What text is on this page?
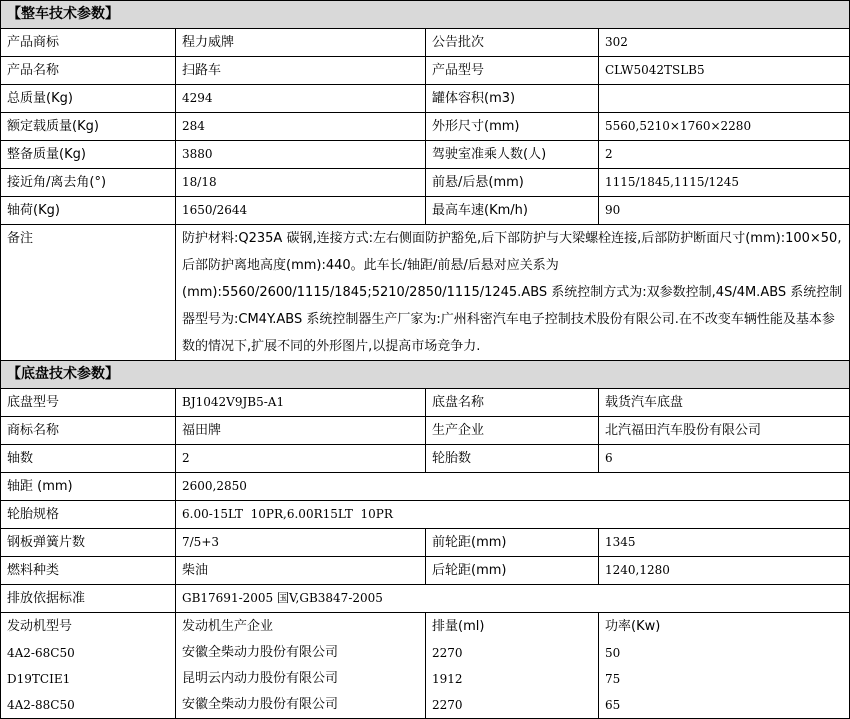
【整车技术参数】			
产品商标	程力威牌	公告批次	302
产品名称	扫路车	产品型号	CLW5042TSLB5
总质量(Kg)	4294	罐体容积(m3)	
额定载质量(Kg)	284	外形尺寸(mm)	5560,5210×1760×2280
整备质量(Kg)	3880	驾驶室准乘人数(人)	2
接近角/离去角(°)	18/18	前悬/后悬(mm)	1115/1845,1115/1245
轴荷(Kg)	1650/2644	最高车速(Km/h)	90
备注	防护材料:Q235A 碳钢,连接方式:左右侧面防护豁免,后下部防护与大梁螺栓连接,后部防护断面尺寸(mm):100×50,后部防护离地高度(mm):440。此车长/轴距/前悬/后悬对应关系为(mm):5560/2600/1115/1845;5210/2850/1115/1245.ABS 系统控制方式为:双参数控制,4S/4M.ABS 系统控制器型号为:CM4Y.ABS 系统控制器生产厂家为:广州科密汽车电子控制技术股份有限公司.在不改变车辆性能及基本参数的情况下,扩展不同的外形图片,以提高市场竞争力.		
【底盘技术参数】			
底盘型号	BJ1042V9JB5-A1	底盘名称	载货汽车底盘
商标名称	福田牌	生产企业	北汽福田汽车股份有限公司
轴数	2	轮胎数	6
轴距 (mm)	2600,2850		
轮胎规格	6.00-15LT  10PR,6.00R15LT  10PR		
钢板弹簧片数	7/5+3	前轮距(mm)	1345
燃料种类	柴油	后轮距(mm)	1240,1280
排放依据标准	GB17691-2005 国V,GB3847-2005		
发动机型号	发动机生产企业	排量(ml)	功率(Kw)
4A2-68C50	安徽全柴动力股份有限公司	2270	50
D19TCIE1	昆明云内动力股份有限公司	1912	75
4A2-88C50	安徽全柴动力股份有限公司	2270	65
